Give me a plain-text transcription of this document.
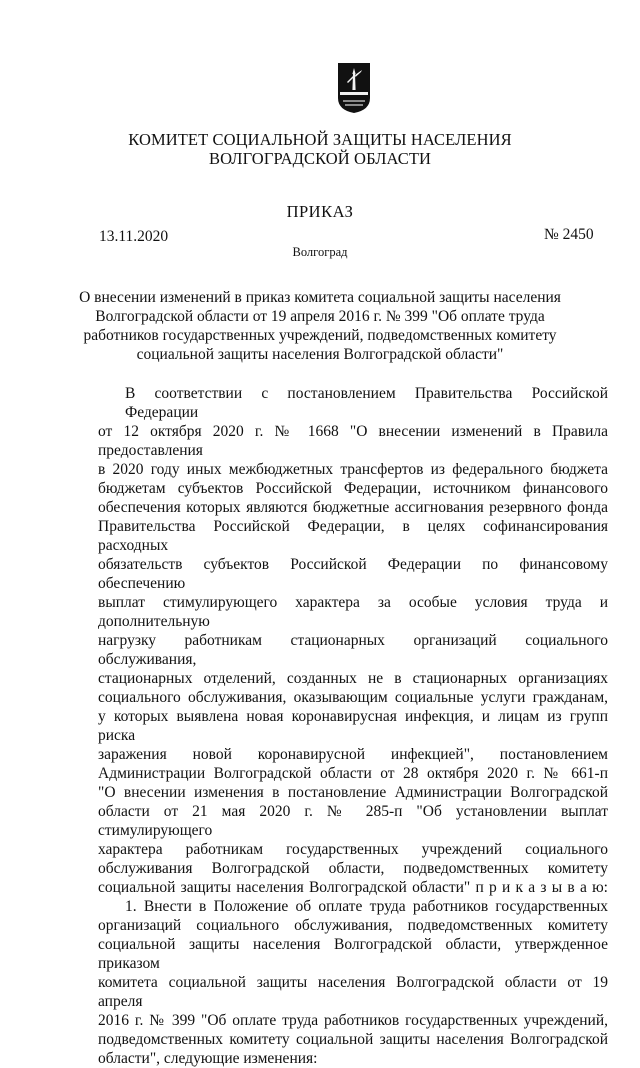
КОМИТЕТ СОЦИАЛЬНОЙ ЗАЩИТЫ НАСЕЛЕНИЯ
ВОЛГОГРАДСКОЙ ОБЛАСТИ
ПРИКАЗ
13.11.2020	№ 2450
Волгоград
О внесении изменений в приказ комитета социальной защиты населения
Волгоградской области от 19 апреля 2016 г. № 399 "Об оплате труда
работников государственных учреждений, подведомственных комитету
социальной защиты населения Волгоградской области"

В соответствии с постановлением Правительства Российской Федерации

от 12 октября 2020 г. № 1668 "О внесении изменений в Правила предоставления

в 2020 году иных межбюджетных трансфертов из федерального бюджета

бюджетам субъектов Российской Федерации, источником финансового

обеспечения которых являются бюджетные ассигнования резервного фонда

Правительства Российской Федерации, в целях софинансирования расходных

обязательств субъектов Российской Федерации по финансовому обеспечению

выплат стимулирующего характера за особые условия труда и дополнительную

нагрузку работникам стационарных организаций социального обслуживания,

стационарных отделений, созданных не в стационарных организациях

социального обслуживания, оказывающим социальные услуги гражданам,

у которых выявлена новая коронавирусная инфекция, и лицам из групп риска

заражения новой коронавирусной инфекцией", постановлением

Администрации Волгоградской области от 28 октября 2020 г. № 661-п

"О внесении изменения в постановление Администрации Волгоградской

области от 21 мая 2020 г. № 285-п "Об установлении выплат стимулирующего

характера работникам государственных учреждений социального

обслуживания Волгоградской области, подведомственных комитету

социальной защиты населения Волгоградской области" п р и к а з ы в а ю:

1. Внести в Положение об оплате труда работников государственных

организаций социального обслуживания, подведомственных комитету

социальной защиты населения Волгоградской области, утвержденное приказом

комитета социальной защиты населения Волгоградской области от 19 апреля

2016 г. № 399 "Об оплате труда работников государственных учреждений,

подведомственных комитету социальной защиты населения Волгоградской

области", следующие изменения:
